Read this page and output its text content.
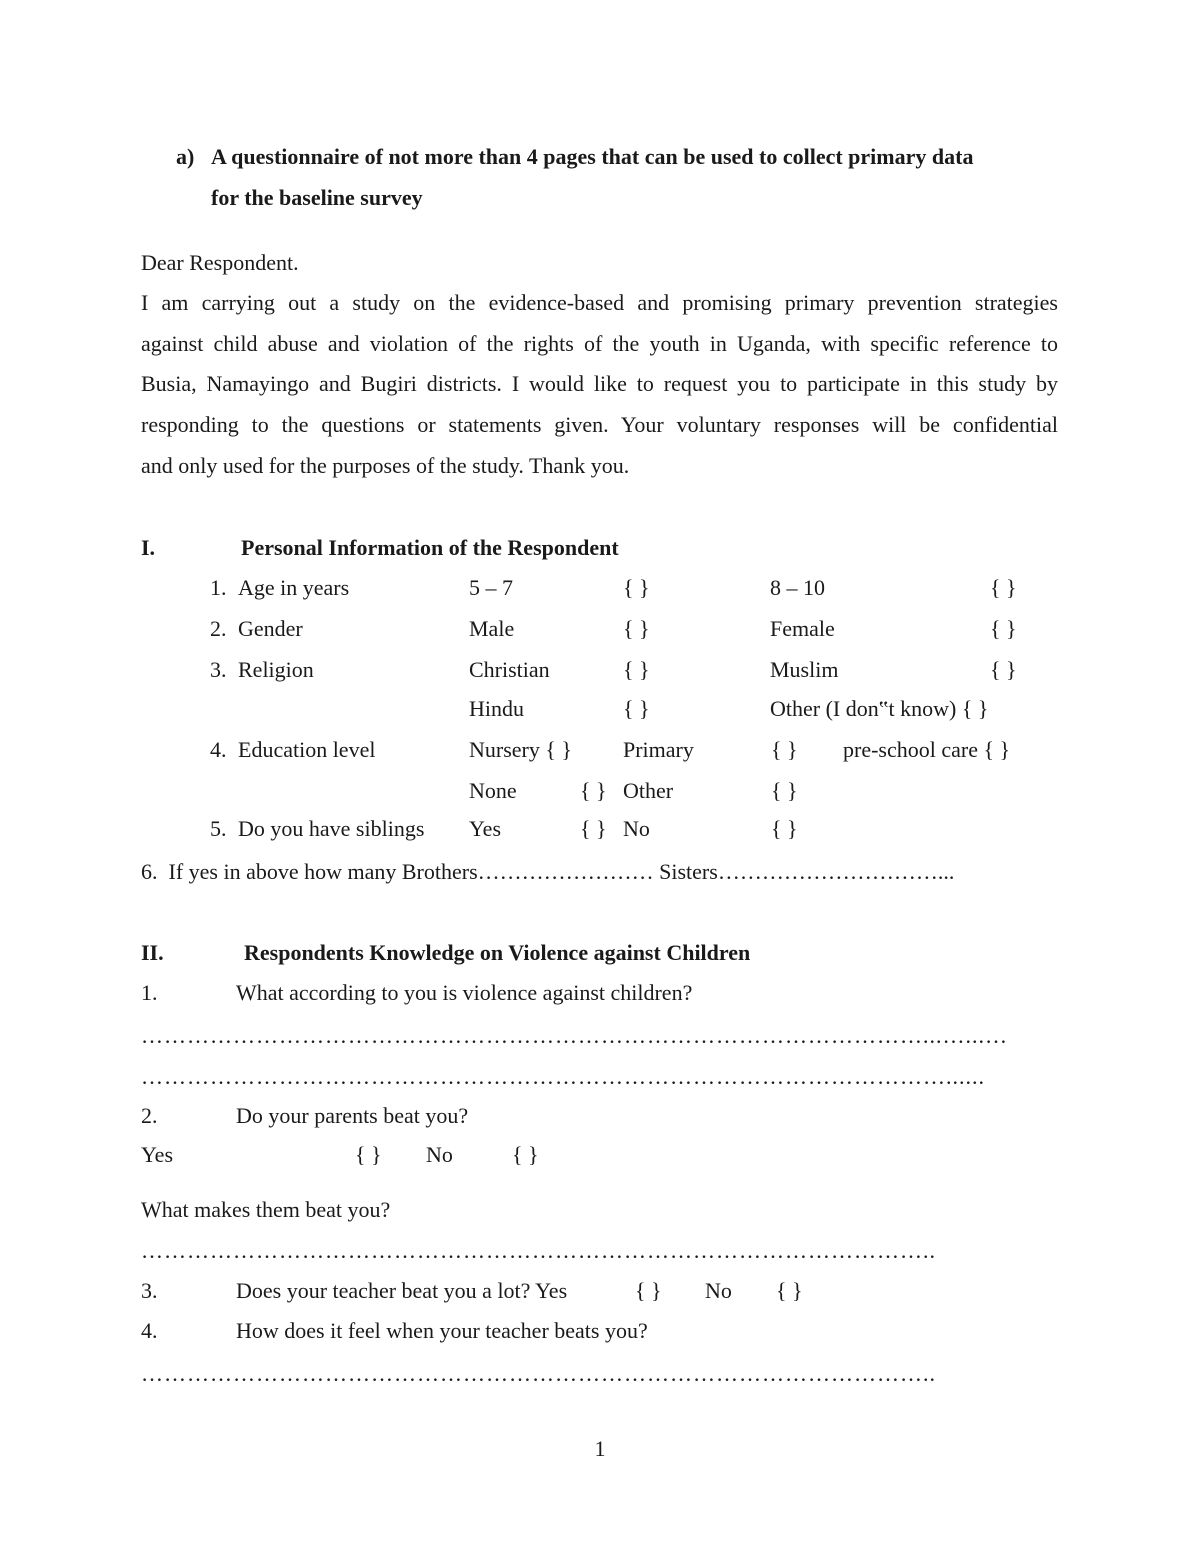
a) A questionnaire of not more than 4 pages that can be used to collect primary data
for the baseline survey
Dear Respondent.
I am carrying out a study on the evidence-based and promising primary prevention strategies
against child abuse and violation of the rights of the youth in Uganda, with specific reference to
Busia, Namayingo and Bugiri districts. I would like to request you to participate in this study by
responding to the questions or statements given. Your voluntary responses will be confidential
and only used for the purposes of the study. Thank you.
I.	Personal Information of the Respondent
1. Age in years	5 – 7	{ }	8 – 10	{ }
2. Gender	Male	{ }	Female	{ }
3. Religion	Christian	{ }	Muslim	{ }
Hindu	{ }	Other (I don‟t know) { }
4. Education level	Nursery { } Primary	{ } pre-school care { }
None	{ } Other	{ }
5. Do you have siblings Yes	{ } No	{ }
6.  If yes in above how many Brothers…………………… Sisters…………………………...
II.	Respondents Knowledge on Violence against Children
1.	What according to you is violence against children?
…………………………………………………………………………………………...…...…
……………………………………………………………………………………………......
2.	Do your parents beat you?
Yes	{ } No	{ }
What makes them beat you?
…………………………………………………………………………………………..
3.	Does your teacher beat you a lot? Yes	{ } No { }
4.	How does it feel when your teacher beats you?
…………………………………………………………………………………………..
1
